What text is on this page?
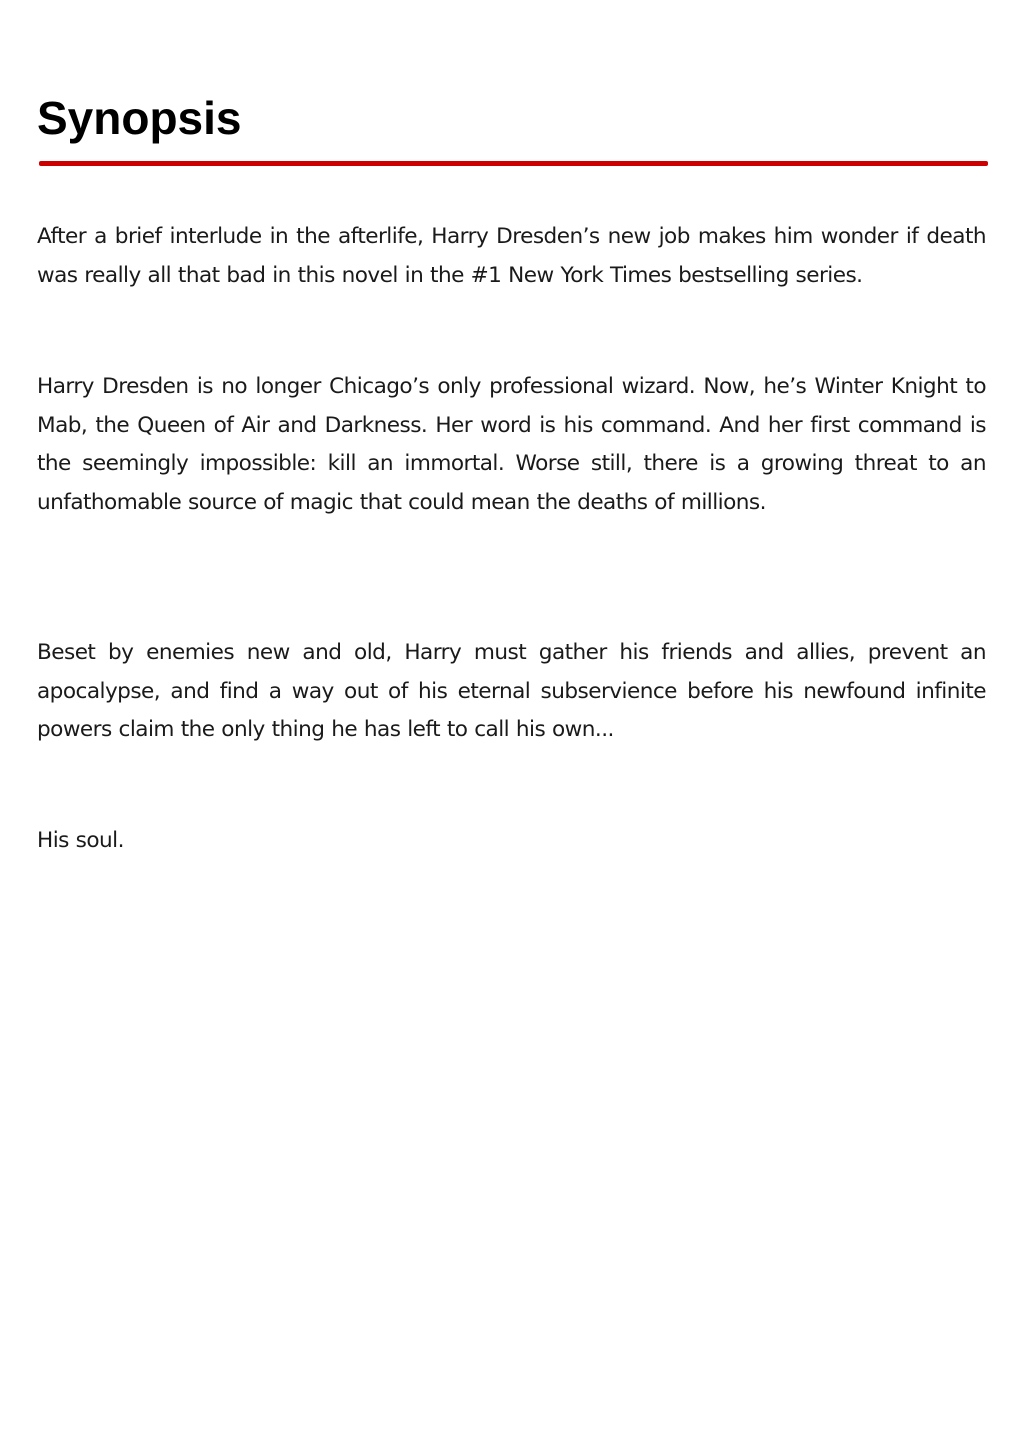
Synopsis

After a brief interlude in the afterlife, Harry Dresden’s new job makes him wonder if death was really all that bad in this novel in the #1 New York Times bestselling series.

Harry Dresden is no longer Chicago’s only professional wizard. Now, he’s Winter Knight to Mab, the Queen of Air and Darkness. Her word is his command. And her first command is the seemingly impossible: kill an immortal. Worse still, there is a growing threat to an unfathomable source of magic that could mean the deaths of millions.

Beset by enemies new and old, Harry must gather his friends and allies, prevent an apocalypse, and find a way out of his eternal subservience before his newfound infinite powers claim the only thing he has left to call his own...

His soul.
